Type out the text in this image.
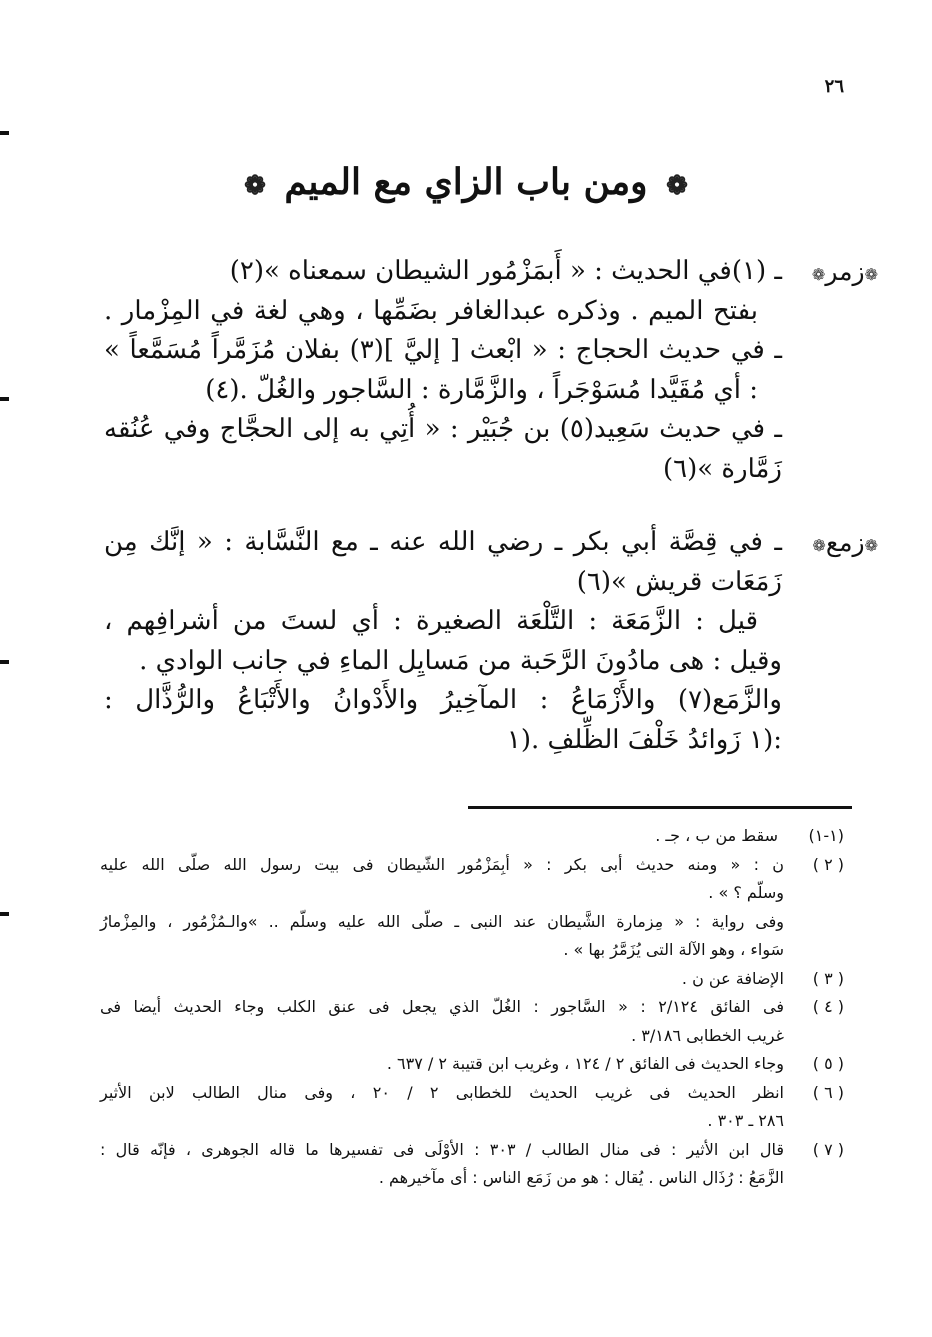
٢٦
❁ ومن باب الزاي مع الميم ❁
❁زمر❁
ـ (١)في الحديث : « أَبمَزْمُور الشيطان سمعناه »(٢)
بفتح الميم . وذكره عبدالغافر بضَمِّها ، وهي لغة في المِزْمار .
ـ في حديث الحجاج : « ابْعث [ إليَّ ](٣) بفلان مُزَمَّراً مُسَمَّعاً »
: أي مُقَيَّدا مُسَوْجَراً ، والزَّمَّارة : السَّاجور والغُلّ .(٤)
ـ في حديث سَعِيد(٥) بن جُبَيْر : « أُتِي به إلى الحجَّاج وفي عُنُقه
زَمَّارة »(٦)
❁زمع❁
ـ في قِصَّة أبي بكر ـ رضي الله عنه ـ مع النَّسَّابة : « إنَّك مِن
زَمَعَات قريش »(٦)
قيل : الزَّمَعَة : التَّلْعَة الصغيرة : أي لستَ من أشرافِهم ،
وقيل : هى مادُونَ الرَّحَبة من مَسايِل الماءِ في جانب الوادي .
والزَّمَع(٧) والأَزْمَاعُ : المآخِيرُ والأَدْوانُ والأَتْبَاعُ والرُّذَّال :
:(١ زَوائدُ خَلْفَ الظِّلفِ .(١
(١-١)
سقط من ب ، جـ .
( ٢ )
ن : « ومنه حديث أبى بكر : « أبِمَزْمُور الشّيطان فى بيت رسول الله صلّى الله عليه
وسلّم ؟ » .
وفى رواية : « مِزمارة الشَّيطان عند النبى ـ صلّى الله عليه وسلّم .. »والـمُزْمُور ، والمِزْمارُ
سَواء ، وهو الآلة التى يُزَمَّرُ بها » .
( ٣ )
الإضافة عن ن .
( ٤ )
فى الفائق ٢/١٢٤ : « السَّاجور : الغُلّ الذي يجعل فى عنق الكلب وجاء الحديث أيضا فى
غريب الخطابى ٣/١٨٦ .
( ٥ )
وجاء الحديث فى الفائق ٢ / ١٢٤ ، وغريب ابن قتيبة ٢ / ٦٣٧ .
( ٦ )
انظر الحديث فى غريب الحديث للخطابى ٢ / ٢٠ ، وفى منال الطالب لابن الأثير
٢٨٦ ـ ٣٠٣ .
( ٧ )
قال ابن الأثير : فى منال الطالب / ٣٠٣ : الأوْلَى فى تفسيرها ما قاله الجوهرى ، فإنّه قال :
الزَّمَعُ : رُذَال الناس . يُقال : هو من زَمَع الناس : أى مآخيرهم .
